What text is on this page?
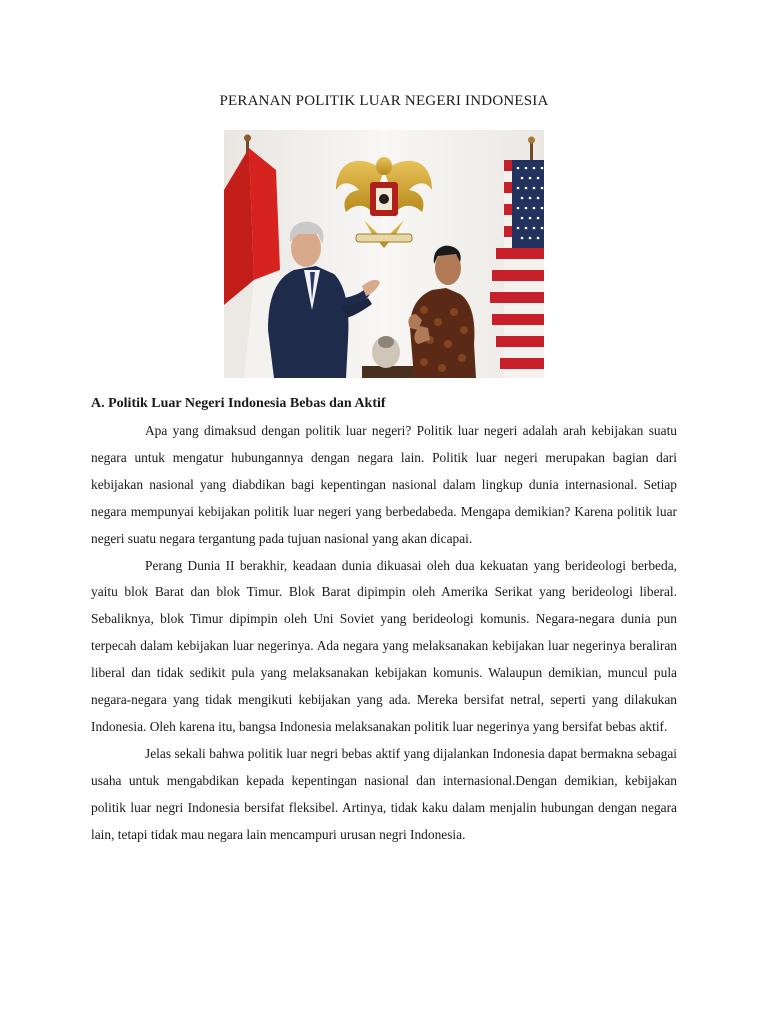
PERANAN POLITIK LUAR NEGERI INDONESIA
A. Politik Luar Negeri Indonesia Bebas dan Aktif

Apa yang dimaksud dengan politik luar negeri? Politik luar negeri adalah arah kebijakan suatu negara untuk mengatur hubungannya dengan negara lain. Politik luar negeri merupakan bagian dari kebijakan nasional yang diabdikan bagi kepentingan nasional dalam lingkup dunia internasional. Setiap negara mempunyai kebijakan politik luar negeri yang berbedabeda. Mengapa demikian? Karena politik luar negeri suatu negara tergantung pada tujuan nasional yang akan dicapai.

Perang Dunia II berakhir, keadaan dunia dikuasai oleh dua kekuatan yang berideologi berbeda, yaitu blok Barat dan blok Timur. Blok Barat dipimpin oleh Amerika Serikat yang berideologi liberal. Sebaliknya, blok Timur dipimpin oleh Uni Soviet yang berideologi komunis. Negara-negara dunia pun terpecah dalam kebijakan luar negerinya. Ada negara yang melaksanakan kebijakan luar negerinya beraliran liberal dan tidak sedikit pula yang melaksanakan kebijakan komunis. Walaupun demikian, muncul pula negara-negara yang tidak mengikuti kebijakan yang ada. Mereka bersifat netral, seperti yang dilakukan Indonesia. Oleh karena itu, bangsa Indonesia melaksanakan politik luar negerinya yang bersifat bebas aktif.

Jelas sekali bahwa politik luar negri bebas aktif yang dijalankan Indonesia dapat bermakna sebagai usaha untuk mengabdikan kepada kepentingan nasional dan internasional.Dengan demikian, kebijakan politik luar negri Indonesia bersifat fleksibel. Artinya, tidak kaku dalam menjalin hubungan dengan negara lain, tetapi tidak mau negara lain mencampuri urusan negri Indonesia.
